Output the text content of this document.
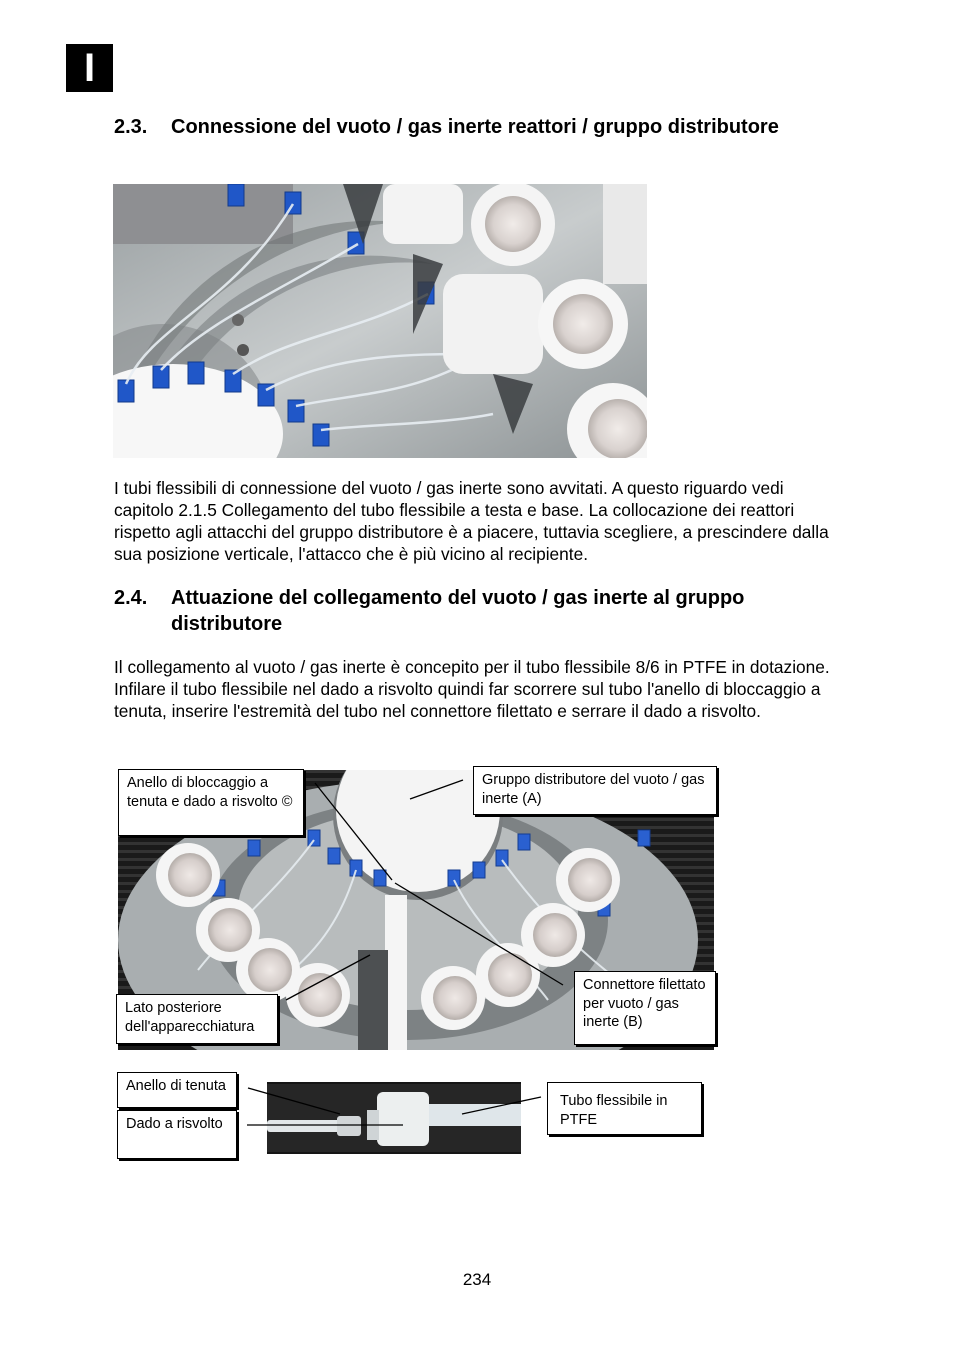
I
2.3. Connessione del vuoto / gas inerte reattori / gruppo distributore
I tubi flessibili di connessione del vuoto / gas inerte sono avvitati. A questo riguardo vedi capitolo 2.1.5 Collegamento del tubo flessibile a testa e base. La collocazione dei reattori rispetto agli attacchi del gruppo distributore è a piacere, tuttavia scegliere, a prescindere dalla sua posizione verticale, l'attacco che è più vicino al recipiente.
2.4. Attuazione del collegamento del vuoto / gas inerte al gruppo distributore
Il collegamento al vuoto / gas inerte è concepito per il tubo flessibile 8/6 in PTFE in dotazione. Infilare il tubo flessibile nel dado a risvolto quindi far scorrere sul tubo l'anello di bloccaggio a tenuta, inserire l'estremità del tubo nel connettore filettato e serrare il dado a risvolto.
Anello di bloccaggio a tenuta e dado a risvolto ©
Gruppo distributore del vuoto / gas inerte (A)
Lato posteriore dell'apparecchiatura
Connettore filettato per vuoto / gas inerte (B)
Anello di tenuta
Dado a risvolto
Tubo flessibile in PTFE
234
